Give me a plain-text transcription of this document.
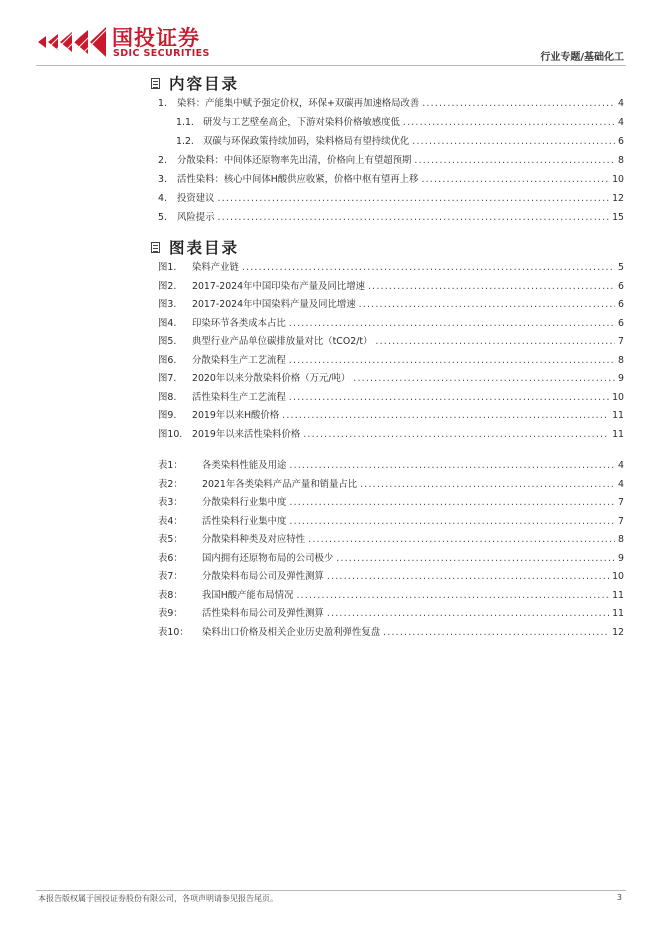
国投证券
SDIC SECURITIES	行业专题/基础化工
内容目录
1.	染料：产能集中赋予强定价权，环保+双碳再加速格局改善 .....	4
1.1. 研发与工艺壁垒高企，下游对染料价格敏感度低 .....	4
1.2. 双碳与环保政策持续加码，染料格局有望持续优化 .....	6
2.	分散染料：中间体还原物率先出清，价格向上有望超预期 .....	8
3.	活性染料：核心中间体H酸供应收紧，价格中枢有望再上移 .....	10
4.	投资建议 .....	12
5.	风险提示 .....	15
图表目录
图1.	染料产业链 .....	5
图2.	2017-2024年中国印染布产量及同比增速 .....	6
图3.	2017-2024年中国染料产量及同比增速 .....	6
图4.	印染环节各类成本占比 .....	6
图5.	典型行业产品单位碳排放量对比（tCO2/t） .....	7
图6.	分散染料生产工艺流程 .....	8
图7.	2020年以来分散染料价格（万元/吨） .....	9
图8.	活性染料生产工艺流程 .....	10
图9.	2019年以来H酸价格 .....	11
图10.	2019年以来活性染料价格 .....	11
表1：	各类染料性能及用途 .....	4
表2：	2021年各类染料产品产量和销量占比 .....	4
表3：	分散染料行业集中度 .....	7
表4：	活性染料行业集中度 .....	7
表5：	分散染料种类及对应特性 .....	8
表6：	国内拥有还原物布局的公司极少 .....	9
表7：	分散染料布局公司及弹性测算 .....	10
表8：	我国H酸产能布局情况 .....	11
表9：	活性染料布局公司及弹性测算 .....	11
表10：	染料出口价格及相关企业历史盈利弹性复盘 .....	12
本报告版权属于国投证券股份有限公司，各项声明请参见报告尾页。	3
